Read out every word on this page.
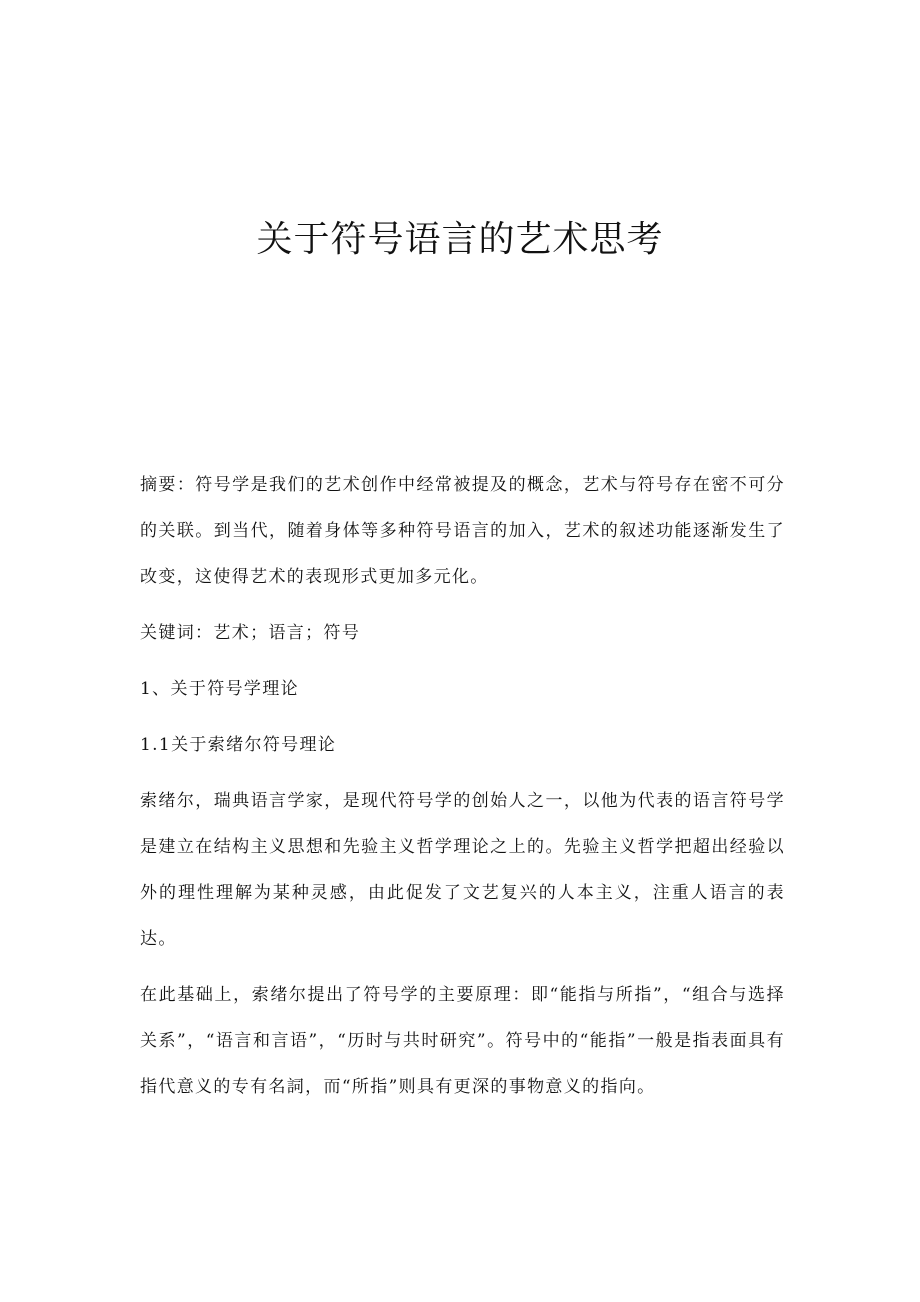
关于符号语言的艺术思考

摘要：符号学是我们的艺术创作中经常被提及的概念，艺术与符号存在密不可分的关联。到当代，随着身体等多种符号语言的加入，艺术的叙述功能逐渐发生了改变，这使得艺术的表现形式更加多元化。

关键词：艺术；语言；符号

1、关于符号学理论

1.1关于索绪尔符号理论

索绪尔，瑞典语言学家，是现代符号学的创始人之一，以他为代表的语言符号学是建立在结构主义思想和先验主义哲学理论之上的。先验主义哲学把超出经验以外的理性理解为某种灵感，由此促发了文艺复兴的人本主义，注重人语言的表达。

在此基础上，索绪尔提出了符号学的主要原理：即“能指与所指”，“组合与选择关系”，“语言和言语”，“历时与共时研究”。符号中的“能指”一般是指表面具有指代意义的专有名詞，而“所指”则具有更深的事物意义的指向。
